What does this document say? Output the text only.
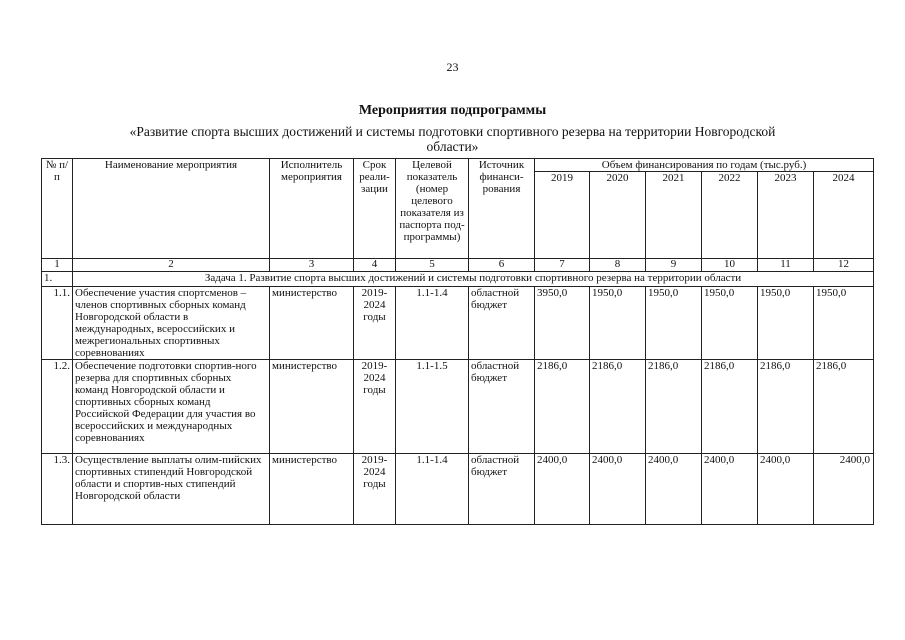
23
Мероприятия подпрограммы
«Развитие спорта высших достижений и системы подготовки спортивного резерва на территории Новгородской области»
№ п/п	Наименование мероприятия	Исполнитель мероприятия	Срок реали-зации	Целевой показатель (номер целевого показателя из паспорта под-программы)	Источник финанси-рования	Объем финансирования по годам (тыс.руб.)					
						2019	2020	2021	2022	2023	2024
1	2	3	4	5	6	7	8	9	10	11	12
1.	Задача 1. Развитие спорта высших достижений и системы подготовки спортивного резерва на территории области										
1.1.	Обеспечение участия спортсменов – членов спортивных сборных команд Новгородской области в международных, всероссийских и межрегиональных спортивных соревнованиях	министерство	2019-2024 годы	1.1-1.4	областной бюджет	3950,0	1950,0	1950,0	1950,0	1950,0	1950,0
1.2.	Обеспечение подготовки спортив-ного резерва для спортивных сборных команд Новгородской области и спортивных сборных команд Российской Федерации для участия во всероссийских и международных соревнованиях	министерство	2019-2024 годы	1.1-1.5	областной бюджет	2186,0	2186,0	2186,0	2186,0	2186,0	2186,0
1.3.	Осуществление выплаты олим-пийских спортивных стипендий Новгородской области и спортив-ных стипендий Новгородской области	министерство	2019-2024 годы	1.1-1.4	областной бюджет	2400,0	2400,0	2400,0	2400,0	2400,0	2400,0
